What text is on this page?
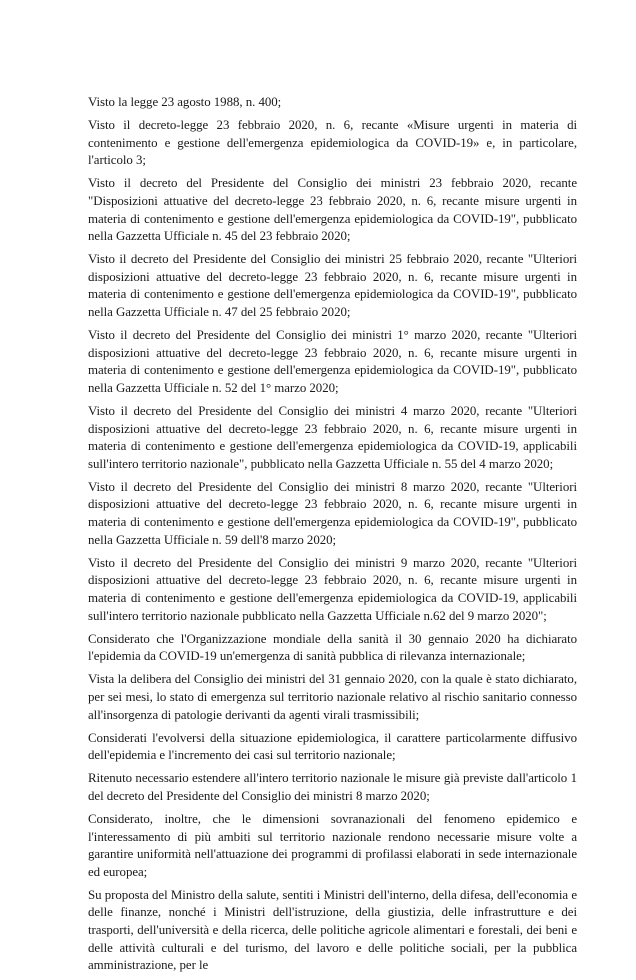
Visto la legge 23 agosto 1988, n. 400;

Visto il decreto-legge 23 febbraio 2020, n. 6, recante «Misure urgenti in materia di contenimento e gestione dell'emergenza epidemiologica da COVID-19» e, in particolare, l'articolo 3;

Visto il decreto del Presidente del Consiglio dei ministri 23 febbraio 2020, recante "Disposizioni attuative del decreto-legge 23 febbraio 2020, n. 6, recante misure urgenti in materia di contenimento e gestione dell'emergenza epidemiologica da COVID-19", pubblicato nella Gazzetta Ufficiale n. 45 del 23 febbraio 2020;

Visto il decreto del Presidente del Consiglio dei ministri 25 febbraio 2020, recante "Ulteriori disposizioni attuative del decreto-legge 23 febbraio 2020, n. 6, recante misure urgenti in materia di contenimento e gestione dell'emergenza epidemiologica da COVID-19", pubblicato nella Gazzetta Ufficiale n. 47 del 25 febbraio 2020;

Visto il decreto del Presidente del Consiglio dei ministri 1° marzo 2020, recante "Ulteriori disposizioni attuative del decreto-legge 23 febbraio 2020, n. 6, recante misure urgenti in materia di contenimento e gestione dell'emergenza epidemiologica da COVID-19", pubblicato nella Gazzetta Ufficiale n. 52 del 1° marzo 2020;

Visto il decreto del Presidente del Consiglio dei ministri 4 marzo 2020, recante "Ulteriori disposizioni attuative del decreto-legge 23 febbraio 2020, n. 6, recante misure urgenti in materia di contenimento e gestione dell'emergenza epidemiologica da COVID-19, applicabili sull'intero territorio nazionale", pubblicato nella Gazzetta Ufficiale n. 55 del 4 marzo 2020;

Visto il decreto del Presidente del Consiglio dei ministri 8 marzo 2020, recante "Ulteriori disposizioni attuative del decreto-legge 23 febbraio 2020, n. 6, recante misure urgenti in materia di contenimento e gestione dell'emergenza epidemiologica da COVID-19", pubblicato nella Gazzetta Ufficiale n. 59 dell'8 marzo 2020;

Visto il decreto del Presidente del Consiglio dei ministri 9 marzo 2020, recante "Ulteriori disposizioni attuative del decreto-legge 23 febbraio 2020, n. 6, recante misure urgenti in materia di contenimento e gestione dell'emergenza epidemiologica da COVID-19, applicabili sull'intero territorio nazionale pubblicato nella Gazzetta Ufficiale n.62 del 9 marzo 2020";

Considerato che l'Organizzazione mondiale della sanità il 30 gennaio 2020 ha dichiarato l'epidemia da COVID-19 un'emergenza di sanità pubblica di rilevanza internazionale;

Vista la delibera del Consiglio dei ministri del 31 gennaio 2020, con la quale è stato dichiarato, per sei mesi, lo stato di emergenza sul territorio nazionale relativo al rischio sanitario connesso all'insorgenza di patologie derivanti da agenti virali trasmissibili;

Considerati l'evolversi della situazione epidemiologica, il carattere particolarmente diffusivo dell'epidemia e l'incremento dei casi sul territorio nazionale;

Ritenuto necessario estendere all'intero territorio nazionale le misure già previste dall'articolo 1 del decreto del Presidente del Consiglio dei ministri 8 marzo 2020;

Considerato, inoltre, che le dimensioni sovranazionali del fenomeno epidemico e l'interessamento di più ambiti sul territorio nazionale rendono necessarie misure volte a garantire uniformità nell'attuazione dei programmi di profilassi elaborati in sede internazionale ed europea;

Su proposta del Ministro della salute, sentiti i Ministri dell'interno, della difesa, dell'economia e delle finanze, nonché i Ministri dell'istruzione, della giustizia, delle infrastrutture e dei trasporti, dell'università e della ricerca, delle politiche agricole alimentari e forestali, dei beni e delle attività culturali e del turismo, del lavoro e delle politiche sociali, per la pubblica amministrazione, per le
